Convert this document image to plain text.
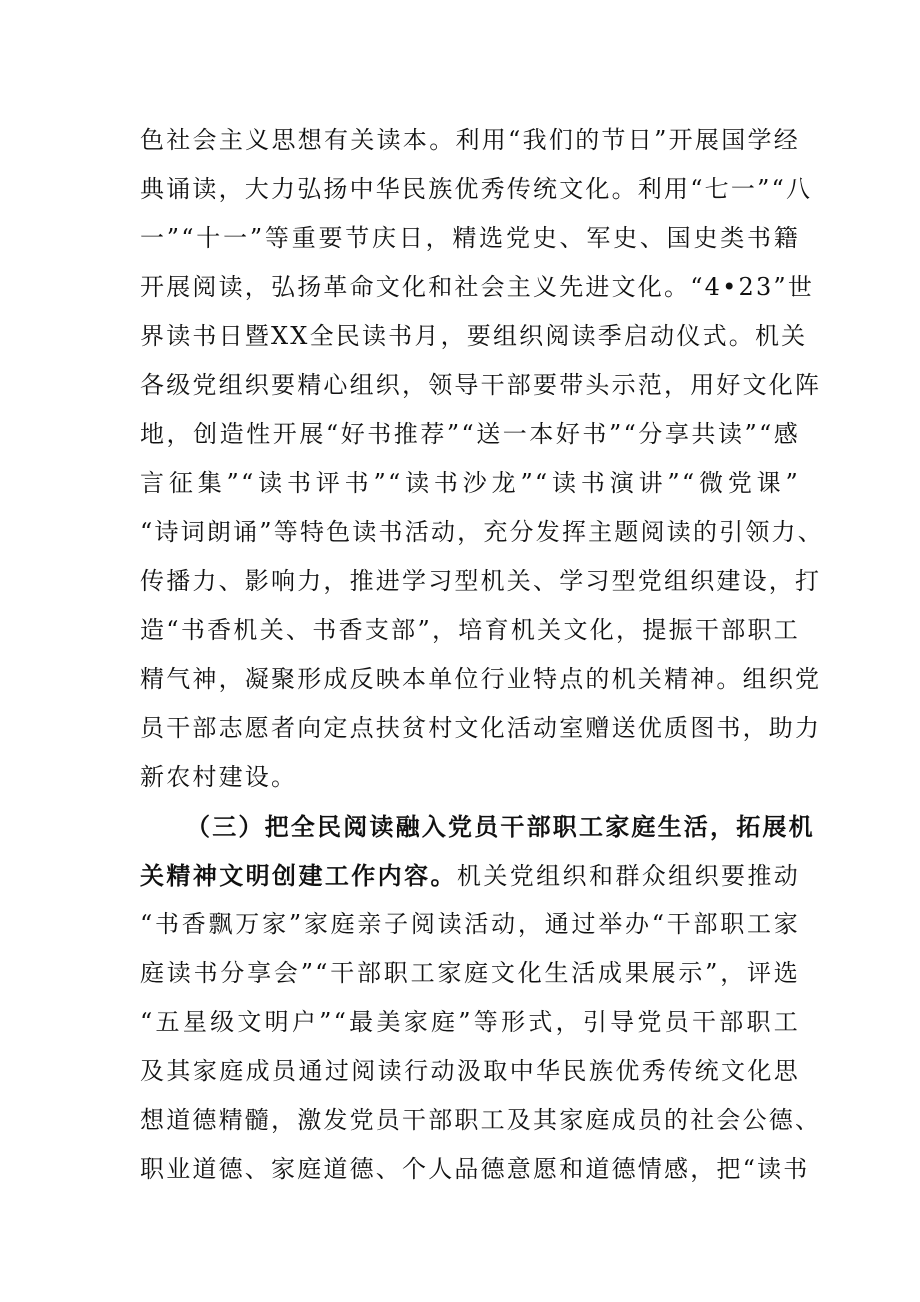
色社会主义思想有关读本。利用“我们的节日”开展国学经
典诵读，大力弘扬中华民族优秀传统文化。利用“七一”“八
一”“十一”等重要节庆日，精选党史、军史、国史类书籍
开展阅读，弘扬革命文化和社会主义先进文化。“4•23”世
界读书日暨XX全民读书月，要组织阅读季启动仪式。机关
各级党组织要精心组织，领导干部要带头示范，用好文化阵
地，创造性开展“好书推荐”“送一本好书”“分享共读”“感
言征集”“读书评书”“读书沙龙”“读书演讲”“微党课”
“诗词朗诵”等特色读书活动，充分发挥主题阅读的引领力、
传播力、影响力，推进学习型机关、学习型党组织建设，打
造“书香机关、书香支部”，培育机关文化，提振干部职工
精气神，凝聚形成反映本单位行业特点的机关精神。组织党
员干部志愿者向定点扶贫村文化活动室赠送优质图书，助力
新农村建设。
（三）把全民阅读融入党员干部职工家庭生活，拓展机
关精神文明创建工作内容。机关党组织和群众组织要推动
“书香飘万家”家庭亲子阅读活动，通过举办“干部职工家
庭读书分享会”“干部职工家庭文化生活成果展示”，评选
“五星级文明户”“最美家庭”等形式，引导党员干部职工
及其家庭成员通过阅读行动汲取中华民族优秀传统文化思
想道德精髓，激发党员干部职工及其家庭成员的社会公德、
职业道德、家庭道德、个人品德意愿和道德情感，把“读书
